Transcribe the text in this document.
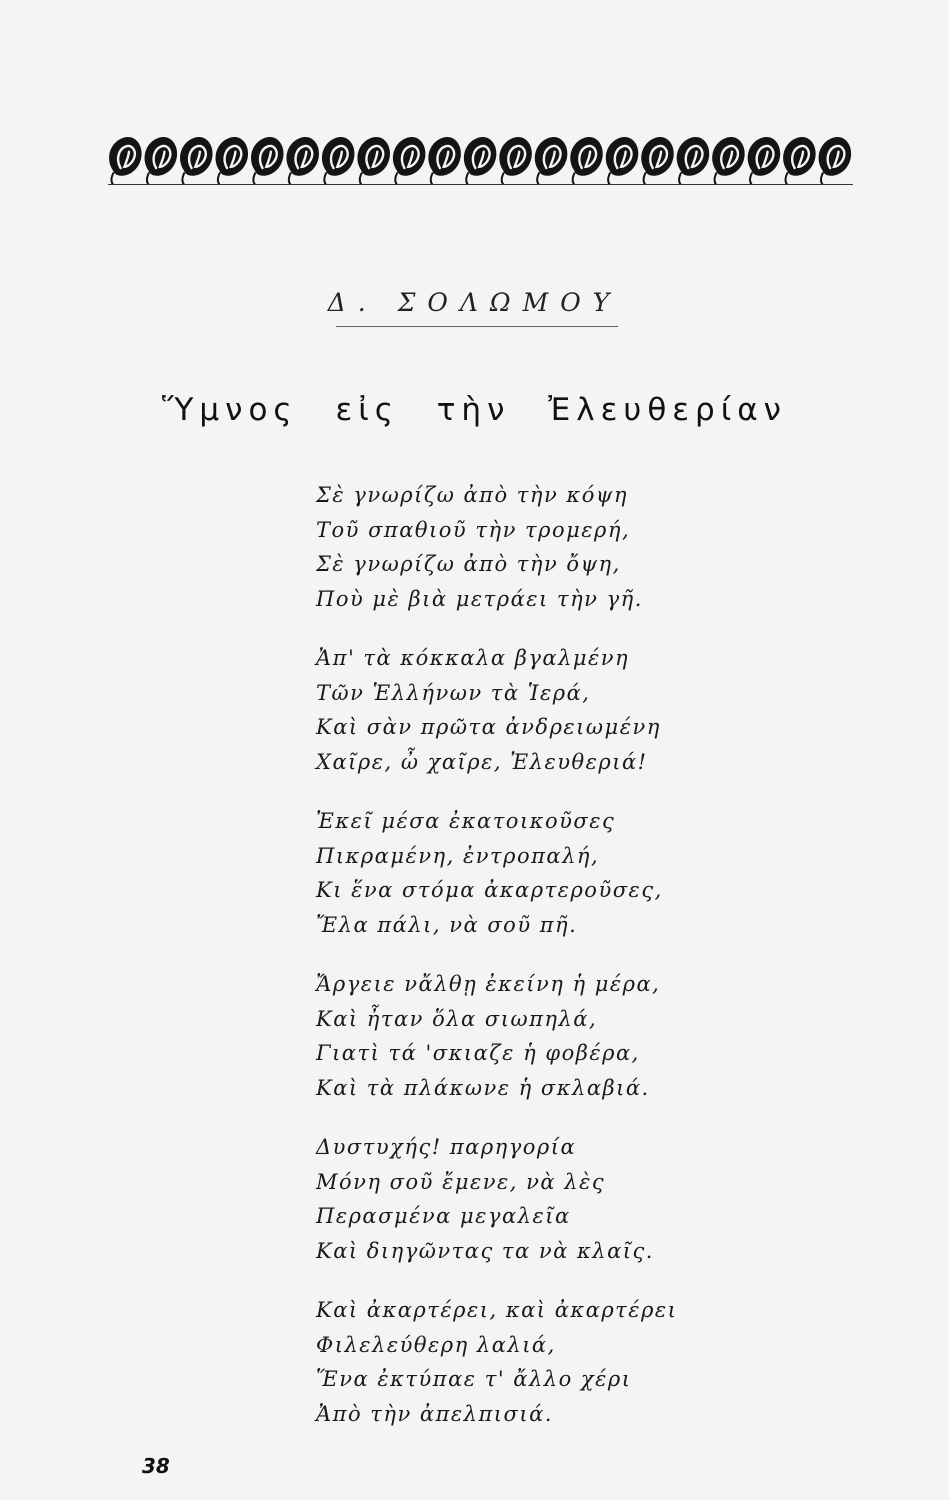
Δ. ΣΟΛΩΜΟΥ
Ὕμνος εἰς τὴν Ἐλευθερίαν
Σὲ γνωρίζω ἀπὸ τὴν κόψη
Τοῦ σπαθιοῦ τὴν τρομερή,
Σὲ γνωρίζω ἀπὸ τὴν ὄψη,
Ποὺ μὲ βιὰ μετράει τὴν γῆ.
Ἀπ' τὰ κόκκαλα βγαλμένη
Τῶν Ἑλλήνων τὰ Ἱερά,
Καὶ σὰν πρῶτα ἀνδρειωμένη
Χαῖρε, ὦ χαῖρε, Ἐλευθεριά!
Ἐκεῖ μέσα ἐκατοικοῦσες
Πικραμένη, ἐντροπαλή,
Κι ἕνα στόμα ἀκαρτεροῦσες,
Ἔλα πάλι, νὰ σοῦ πῆ.
Ἄργειε νἄλθῃ ἐκείνη ἡ μέρα,
Καὶ ἦταν ὅλα σιωπηλά,
Γιατὶ τά 'σκιαζε ἡ φοβέρα,
Καὶ τὰ πλάκωνε ἡ σκλαβιά.
Δυστυχής! παρηγορία
Μόνη σοῦ ἔμενε, νὰ λὲς
Περασμένα μεγαλεῖα
Καὶ διηγῶντας τα νὰ κλαῖς.
Καὶ ἀκαρτέρει, καὶ ἀκαρτέρει
Φιλελεύθερη λαλιά,
Ἕνα ἐκτύπαε τ' ἄλλο χέρι
Ἀπὸ τὴν ἀπελπισιά.
38
